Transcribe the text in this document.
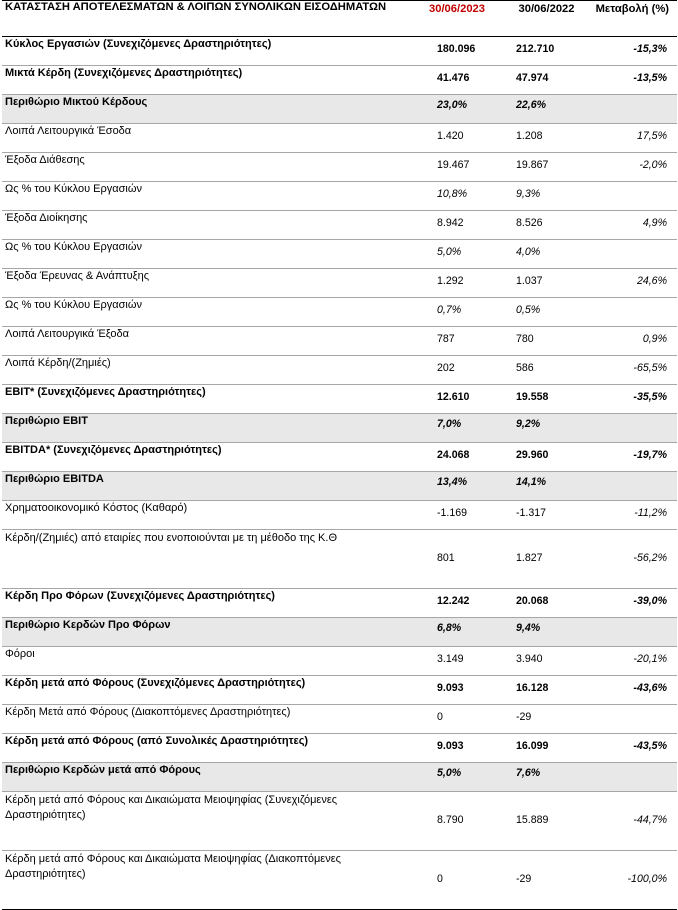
ΚΑΤΑΣΤΑΣΗ ΑΠΟΤΕΛΕΣΜΑΤΩΝ & ΛΟΙΠΩΝ ΣΥΝΟΛΙΚΩΝ ΕΙΣΟΔΗΜΑΤΩΝ	30/06/2023	30/06/2022	Μεταβολή (%)
Κύκλος Εργασιών (Συνεχιζόμενες Δραστηριότητες)	180.096	212.710	-15,3%
Μικτά Κέρδη (Συνεχιζόμενες Δραστηριότητες)	41.476	47.974	-13,5%
Περιθώριο Μικτού Κέρδους	23,0%	22,6%	
Λοιπά Λειτουργικά Έσοδα	1.420	1.208	17,5%
Έξοδα Διάθεσης	19.467	19.867	-2,0%
Ως % του Κύκλου Εργασιών	10,8%	9,3%	
Έξοδα Διοίκησης	8.942	8.526	4,9%
Ως % του Κύκλου Εργασιών	5,0%	4,0%	
Έξοδα Έρευνας & Ανάπτυξης	1.292	1.037	24,6%
Ως % του Κύκλου Εργασιών	0,7%	0,5%	
Λοιπά Λειτουργικά Έξοδα	787	780	0,9%
Λοιπά Κέρδη/(Ζημιές)	202	586	-65,5%
EBIT* (Συνεχιζόμενες Δραστηριότητες)	12.610	19.558	-35,5%
Περιθώριο EBIT	7,0%	9,2%	
EBITDA* (Συνεχιζόμενες Δραστηριότητες)	24.068	29.960	-19,7%
Περιθώριο EBITDA	13,4%	14,1%	
Χρηματοοικονομικό Κόστος (Καθαρό)	-1.169	-1.317	-11,2%
Κέρδη/(Ζημιές) από εταιρίες που ενοποιούνται με τη μέθοδο της Κ.Θ	801	1.827	-56,2%
Κέρδη Προ Φόρων (Συνεχιζόμενες Δραστηριότητες)	12.242	20.068	-39,0%
Περιθώριο Κερδών Προ Φόρων	6,8%	9,4%	
Φόροι	3.149	3.940	-20,1%
Κέρδη μετά από Φόρους (Συνεχιζόμενες Δραστηριότητες)	9.093	16.128	-43,6%
Κέρδη Μετά από Φόρους (Διακοπτόμενες Δραστηριότητες)	0	-29	
Κέρδη μετά από Φόρους (από Συνολικές Δραστηριότητες)	9.093	16.099	-43,5%
Περιθώριο Κερδών μετά από Φόρους	5,0%	7,6%	
Κέρδη μετά από Φόρους και Δικαιώματα Μειοψηφίας (Συνεχιζόμενες Δραστηριότητες)	8.790	15.889	-44,7%
Κέρδη μετά από Φόρους και Δικαιώματα Μειοψηφίας (Διακοπτόμενες Δραστηριότητες)	0	-29	-100,0%
